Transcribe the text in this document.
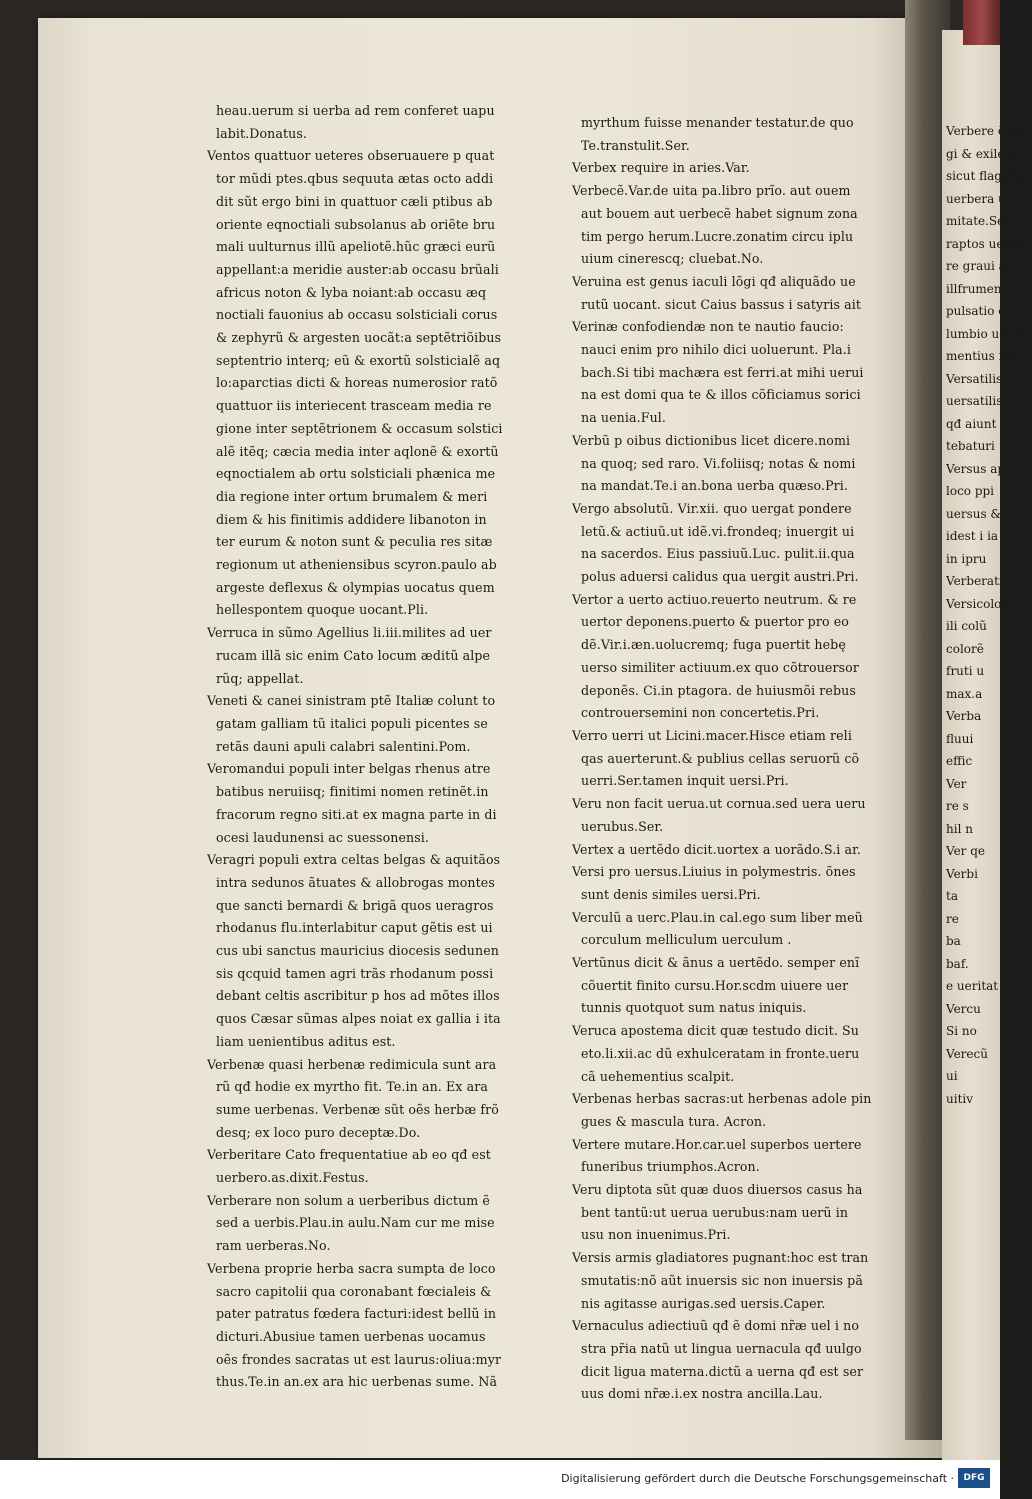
heau.uerum si uerba ad rem conferet uapu
labit.Donatus.
Ventos quattuor ueteres obseruauere p quat
tor mũdi ptes.qbus sequuta ætas octo addi
dit sũt ergo bini in quattuor cæli ptibus ab
oriente eqnoctiali subsolanus ab oriẽte bru
mali uulturnus illũ apeliotẽ.hũc græci eurũ
appellant:a meridie auster:ab occasu brũali
africus noton & lyba noiant:ab occasu æq
noctiali fauonius ab occasu solsticiali corus
& zephyrũ & argesten uocãt:a septẽtriõibus
septentrio interq; eũ & exortũ solsticialẽ aq
lo:aparctias dicti & horeas numerosior ratõ
quattuor iis interiecent trasceam media re
gione inter septẽtrionem & occasum solstici
alẽ itẽq; cæcia media inter aqlonẽ & exortũ
eqnoctialem ab ortu solsticiali phænica me
dia regione inter ortum brumalem & meri
diem & his finitimis addidere libanoton in
ter eurum & noton sunt & peculia res sitæ
regionum ut atheniensibus scyron.paulo ab
argeste deflexus & olympias uocatus quem
hellespontem quoque uocant.Pli.
Verruca in sũmo Agellius li.iii.milites ad uer
rucam illã sic enim Cato locum æditũ alpe
rũq; appellat.
Veneti & canei sinistram ptẽ Italiæ colunt to
gatam galliam tũ italici populi picentes se
retãs dauni apuli calabri salentini.Pom.
Veromandui populi inter belgas rhenus atre
batibus neruiisq; finitimi nomen retinẽt.in
fracorum regno siti.at ex magna parte in di
ocesi laudunensi ac suessonensi.
Veragri populi extra celtas belgas & aquitãos
intra sedunos ãtuates & allobrogas montes
que sancti bernardi & brigã quos ueragros
rhodanus flu.interlabitur caput gẽtis est ui
cus ubi sanctus mauricius diocesis sedunen
sis qcquid tamen agri trãs rhodanum possi
debant celtis ascribitur p hos ad mõtes illos
quos Cæsar sũmas alpes noiat ex gallia i ita
liam uenientibus aditus est.
Verbenæ quasi herbenæ redimicula sunt ara
rũ qđ hodie ex myrtho fit. Te.in an. Ex ara
sume uerbenas. Verbenæ sũt oẽs herbæ frõ
desq; ex loco puro deceptæ.Do.
Verberitare Cato frequentatiue ab eo qđ est
uerbero.as.dixit.Festus.
Verberare non solum a uerberibus dictum ẽ
sed a uerbis.Plau.in aulu.Nam cur me mise
ram uerberas.No.
Verbena proprie herba sacra sumpta de loco
sacro capitolii qua coronabant fœcialeis &
pater patratus fœdera facturi:idest bellũ in
dicturi.Abusiue tamen uerbenas uocamus
oẽs frondes sacratas ut est laurus:oliua:myr
thus.Te.in an.ex ara hic uerbenas sume. Nã
myrthum fuisse menander testatur.de quo
Te.transtulit.Ser.
Verbex require in aries.Var.
Verbecẽ.Var.de uita pa.libro prĩo. aut ouem
aut bouem aut uerbecẽ habet signum zona
tim pergo herum.Lucre.zonatim circu iplu
uium cinerescq; cluebat.No.
Veruina est genus iaculi lõgi qđ aliquãdo ue
rutũ uocant. sicut Caius bassus i satyris ait
Verinæ confodiendæ non te nautio faucio:
nauci enim pro nihilo dici uoluerunt. Pla.i
bach.Si tibi machæra est ferri.at mihi uerui
na est domi qua te & illos cõficiamus sorici
na uenia.Ful.
Verbũ p oibus dictionibus licet dicere.nomi
na quoq; sed raro. Vi.foliisq; notas & nomi
na mandat.Te.i an.bona uerba quæso.Pri.
Vergo absolutũ. Vir.xii. quo uergat pondere
letũ.& actiuũ.ut idẽ.vi.frondeq; inuergit ui
na sacerdos. Eius passiuũ.Luc. pulit.ii.qua
polus aduersi calidus qua uergit austri.Pri.
Vertor a uerto actiuo.reuerto neutrum. & re
uertor deponens.puerto & puertor pro eo
dẽ.Vir.i.æn.uolucremq; fuga puertit hebę
uerso similiter actiuum.ex quo cõtrouersor
deponẽs. Ci.in ptagora. de huiusmõi rebus
controuersemini non concertetis.Pri.
Verro uerri ut Licini.macer.Hisce etiam reli
qas auerterunt.& publius cellas seruorũ cõ
uerri.Ser.tamen inquit uersi.Pri.
Veru non facit uerua.ut cornua.sed uera ueru
uerubus.Ser.
Vertex a uertẽdo dicit.uortex a uorãdo.S.i ar.
Versi pro uersus.Liuius in polymestris. õnes
sunt denis similes uersi.Pri.
Verculũ a uerc.Plau.in cal.ego sum liber meũ
corculum melliculum uerculum .
Vertũnus dicit & ãnus a uertẽdo. semper enĩ
cõuertit finito cursu.Hor.scdm uiuere uer
tunnis quotquot sum natus iniquis.
Veruca apostema dicit quæ testudo dicit. Su
eto.li.xii.ac dũ exhulceratam in fronte.ueru
cã uehementius scalpit.
Verbenas herbas sacras:ut herbenas adole pin
gues & mascula tura. Acron.
Vertere mutare.Hor.car.uel superbos uertere
funeribus triumphos.Acron.
Veru diptota sũt quæ duos diuersos casus ha
bent tantũ:ut uerua uerubus:nam uerũ in
usu non inuenimus.Pri.
Versis armis gladiatores pugnant:hoc est tran
smutatis:nõ aũt inuersis sic non inuersis pã
nis agitasse aurigas.sed uersis.Caper.
Vernaculus adiectiuũ qđ ẽ domi nr̃æ uel i no
stra pr̃ia natũ ut lingua uernacula qđ uulgo
dicit ligua materna.dictũ a uerna qđ est ser
uus domi nr̃æ.i.ex nostra ancilla.Lau.
Verbere ẽ uel
gi & exile ut
sicut flagellan
uerbera uero
mitate.Sen.
raptos uerbe
re graui ac
illfrumento
pulsatio ẽ.
lumbio uel fer
mentius fæ
Versatilis.
uersatilis.
qđ aiunt
tebaturi
Versus ap
loco ppi
uersus &
idest i ia
in ipru
Verberati
Versicolor
ili colũ
colorẽ
fruti u
max.a
Verba
fluui
effic
Ver
re s
hil n
Ver qe
Verbi
ta
re
ba
baf.
e ueritat
Vercu
Si no
Verecũ
ui
uitiv
Digitalisierung gefördert durch die Deutsche Forschungsgemeinschaft ·	DFG
